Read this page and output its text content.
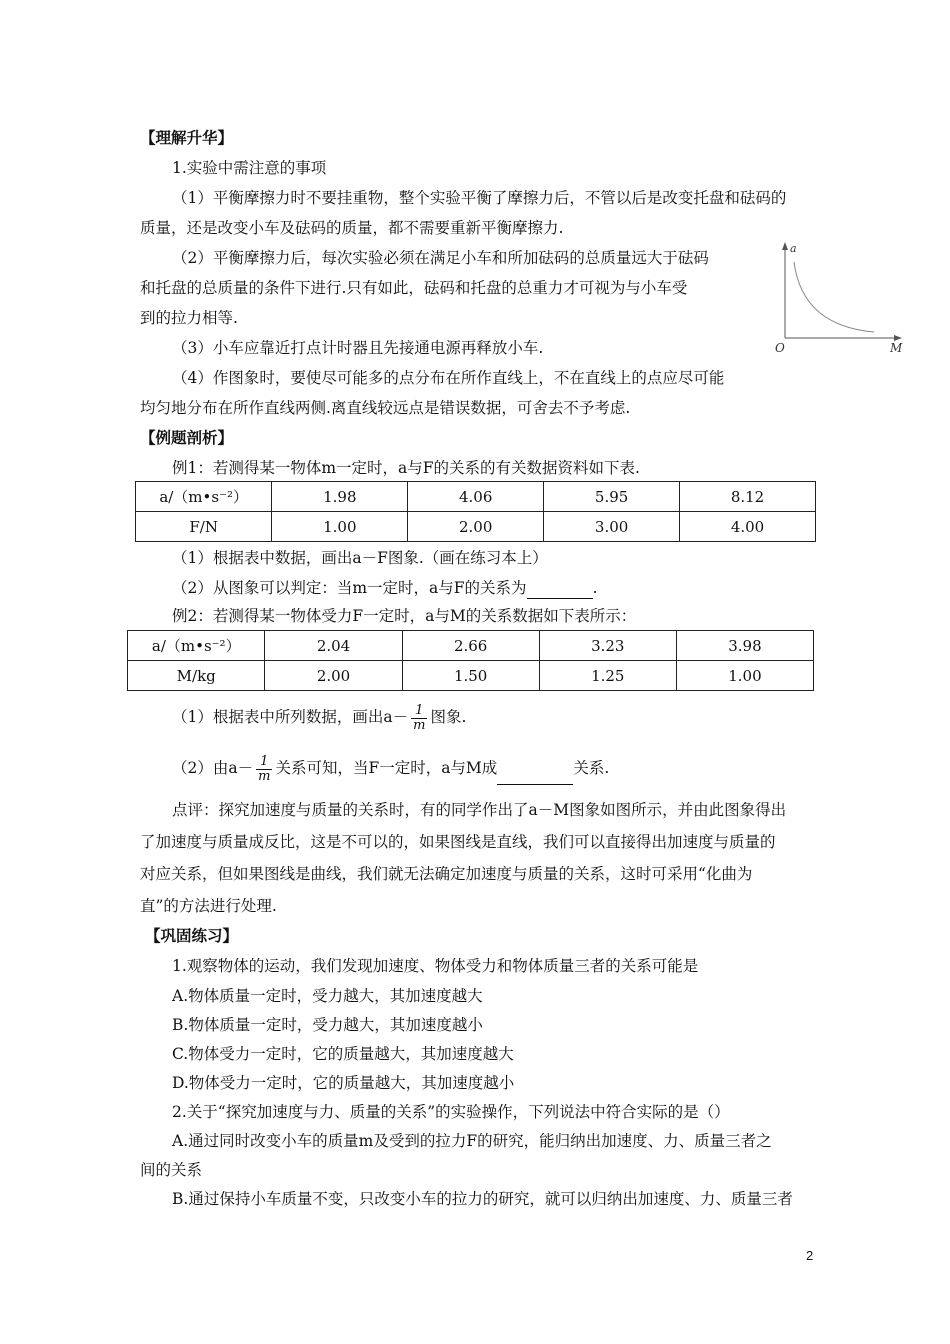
【理解升华】
1.实验中需注意的事项
（1）平衡摩擦力时不要挂重物，整个实验平衡了摩擦力后，不管以后是改变托盘和砝码的
质量，还是改变小车及砝码的质量，都不需要重新平衡摩擦力.
（2）平衡摩擦力后，每次实验必须在满足小车和所加砝码的总质量远大于砝码
和托盘的总质量的条件下进行.只有如此，砝码和托盘的总重力才可视为与小车受
到的拉力相等.
（3）小车应靠近打点计时器且先接通电源再释放小车.
（4）作图象时，要使尽可能多的点分布在所作直线上，不在直线上的点应尽可能
均匀地分布在所作直线两侧.离直线较远点是错误数据，可舍去不予考虑.
a
O	M
【例题剖析】
例1：若测得某一物体m一定时，a与F的关系的有关数据资料如下表.
a/（m•s⁻²）	1.98	4.06	5.95	8.12
F/N	1.00	2.00	3.00	4.00
（1）根据表中数据，画出a－F图象.（画在练习本上）
（2）从图象可以判定：当m一定时，a与F的关系为	.
例2：若测得某一物体受力F一定时，a与M的关系数据如下表所示：
a/（m•s⁻²）	2.04	2.66	3.23	3.98
M/kg	2.00	1.50	1.25	1.00
（1）根据表中所列数据，画出$a- \frac{1}{m}$ 图象.
（2）由$a- \frac{1}{m}$ 关系可知，当F一定时，a与M成	关系.
点评：探究加速度与质量的关系时，有的同学作出了a－M图象如图所示，并由此图象得出
了加速度与质量成反比，这是不可以的，如果图线是直线，我们可以直接得出加速度与质量的
对应关系，但如果图线是曲线，我们就无法确定加速度与质量的关系，这时可采用“化曲为
直”的方法进行处理.
【巩固练习】
1.观察物体的运动，我们发现加速度、物体受力和物体质量三者的关系可能是
A.物体质量一定时，受力越大，其加速度越大
B.物体质量一定时，受力越大，其加速度越小
C.物体受力一定时，它的质量越大，其加速度越大
D.物体受力一定时，它的质量越大，其加速度越小
2.关于“探究加速度与力、质量的关系”的实验操作，下列说法中符合实际的是（）
A.通过同时改变小车的质量m及受到的拉力F的研究，能归纳出加速度、力、质量三者之
间的关系
B.通过保持小车质量不变，只改变小车的拉力的研究，就可以归纳出加速度、力、质量三者
2
